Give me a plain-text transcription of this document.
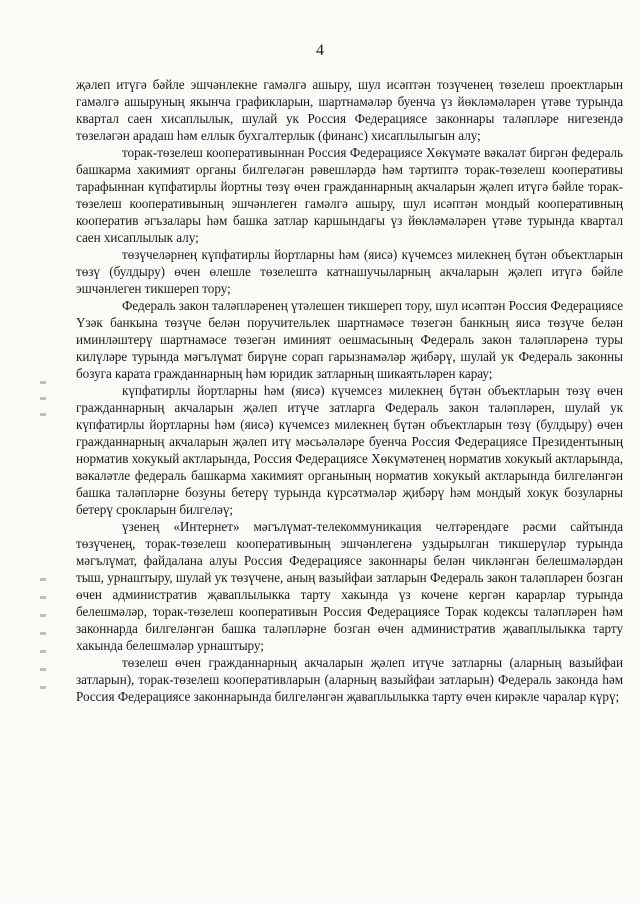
4

җәлеп итүгә бәйле эшчәнлекне гамәлгә ашыру, шул исәптән тозүченең төзелеш проектларын гамәлгә ашыруның якынча графикларын, шартнамәләр буенча үз йөкләмәләрен үтәве турында квартал саен хисаплылык, шулай ук Россия Федерациясе законнары таләпләре нигезендә төзеләгән арадаш һәм еллык бухгалтерлык (финанс) хисаплылыгын алу;

торак-төзелеш кооперативыннан Россия Федерациясе Хөкүмәте вәкаләт биргән федераль башкарма хакимият органы билгеләгән рәвешләрдә һәм тәртиптә торак-төзелеш кооперативы тарафыннан күпфатирлы йортны төзү өчен гражданнарның акчаларын җәлеп итүгә бәйле торак-төзелеш кооперативының эшчәнлеген гамәлгә ашыру, шул исәптән мондый кооперативның кооператив әгъзалары һәм башка затлар каршындагы үз йөкләмәләрен үтәве турында квартал саен хисаплылык алу;

төзүчеләрнең күпфатирлы йортларны һәм (яисә) күчемсез милекнең бүтән объектларын төзү (булдыру) өчен өлешле төзелештә катнашучыларның акчаларын җәлеп итүгә бәйле эшчәнлеген тикшереп тору;

Федераль закон таләпләренең үтәлешен тикшереп тору, шул исәптән Россия Федерациясе Үзәк банкына төзүче белән поручительлек шартнамәсе төзегән банкның яисә төзүче белән иминләштерү шартнамәсе төзегән иминият оешмасының Федераль закон таләпләренә туры килүләре турында мәгълүмат бирүне сорап гарызнамәләр җибәрү, шулай ук Федераль законны бозуга карата гражданнарның һәм юридик затларның шикаятьләрен карау;

күпфатирлы йортларны һәм (яисә) күчемсез милекнең бүтән объектларын төзү өчен гражданнарның акчаларын җәлеп итүче затларга Федераль закон таләпләрен, шулай ук күпфатирлы йортларны һәм (яисә) күчемсез милекнең бүтән объектларын төзү (булдыру) өчен гражданнарның акчаларын җәлеп итү мәсьәләләре буенча Россия Федерациясе Президентының норматив хокукый актларында, Россия Федерациясе Хөкүмәтенең норматив хокукый актларында, вәкаләтле федераль башкарма хакимият органының норматив хокукый актларында билгеләнгән башка таләпләрне бозуны бетерү турында күрсәтмәләр җибәрү һәм мондый хокук бозуларны бетерү срокларын билгеләү;

үзенең «Интернет» мәгълүмат-телекоммуникация челтәрендәге рәсми сайтында төзүченең, торак-төзелеш кооперативының эшчәнлегенә уздырылган тикшерүләр турында мәгълүмат, файдалана алуы Россия Федерациясе законнары белән чикләнгән белешмәләрдән тыш, урнаштыру, шулай ук төзүчене, аның вазыйфаи затларын Федераль закон таләпләрен бозган өчен административ җаваплылыкка тарту хакында үз кочене кергән карарлар турында белешмәләр, торак-төзелеш кооперативын Россия Федерациясе Торак кодексы таләпләрен һәм законнарда билгеләнгән башка таләпләрне бозган өчен административ җаваплылыкка тарту хакында белешмәләр урнаштыру;

төзелеш өчен гражданнарның акчаларын җәлеп итүче затларны (аларның вазыйфаи затларын), торак-төзелеш кооперативларын (аларның вазыйфаи затларын) Федераль законда һәм Россия Федерациясе законнарында билгеләнгән җаваплылыкка тарту өчен кирәкле чаралар күрү;
